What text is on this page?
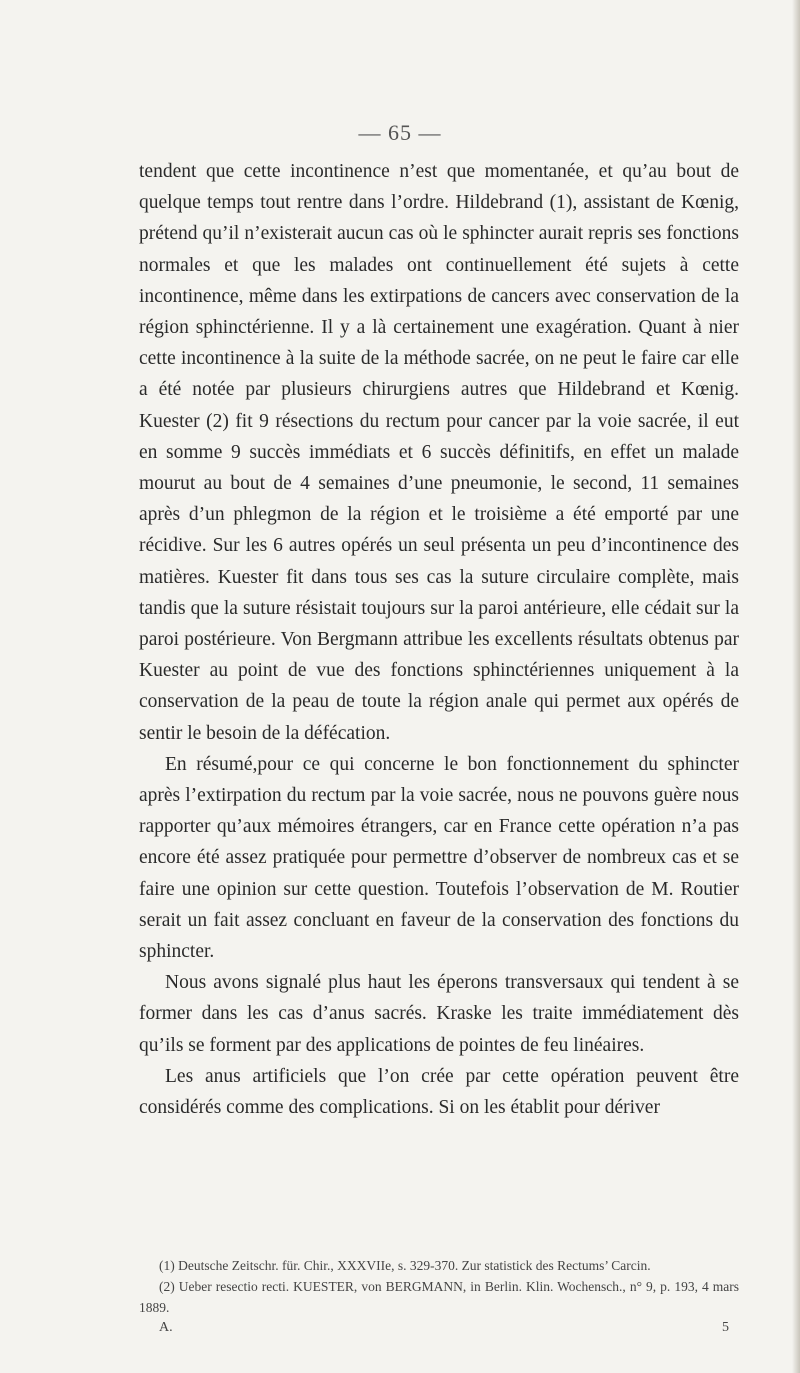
— 65 —

tendent que cette incontinence n’est que momentanée, et qu’au bout de quelque temps tout rentre dans l’ordre. Hildebrand (1), assistant de Kœnig, prétend qu’il n’existerait aucun cas où le sphincter aurait repris ses fonctions normales et que les malades ont continuellement été sujets à cette incontinence, même dans les extirpations de cancers avec conservation de la région sphinctérienne. Il y a là certainement une exagération. Quant à nier cette incontinence à la suite de la méthode sacrée, on ne peut le faire car elle a été notée par plusieurs chirurgiens autres que Hildebrand et Kœnig. Kuester (2) fit 9 résections du rectum pour cancer par la voie sacrée, il eut en somme 9 succès immédiats et 6 succès définitifs, en effet un malade mourut au bout de 4 semaines d’une pneumonie, le second, 11 semaines après d’un phlegmon de la région et le troisième a été emporté par une récidive. Sur les 6 autres opérés un seul présenta un peu d’incontinence des matières. Kuester fit dans tous ses cas la suture circulaire complète, mais tandis que la suture résistait toujours sur la paroi antérieure, elle cédait sur la paroi postérieure. Von Bergmann attribue les excellents résultats obtenus par Kuester au point de vue des fonctions sphinctériennes uniquement à la conservation de la peau de toute la région anale qui permet aux opérés de sentir le besoin de la défécation.

En résumé,pour ce qui concerne le bon fonctionnement du sphincter après l’extirpation du rectum par la voie sacrée, nous ne pouvons guère nous rapporter qu’aux mémoires étrangers, car en France cette opération n’a pas encore été assez pratiquée pour permettre d’observer de nombreux cas et se faire une opinion sur cette question. Toutefois l’observation de M. Routier serait un fait assez concluant en faveur de la conservation des fonctions du sphincter.

Nous avons signalé plus haut les éperons transversaux qui tendent à se former dans les cas d’anus sacrés. Kraske les traite immédiatement dès qu’ils se forment par des applications de pointes de feu linéaires.

Les anus artificiels que l’on crée par cette opération peuvent être considérés comme des complications. Si on les établit pour dériver

(1) Deutsche Zeitschr. für. Chir., XXXVIIe, s. 329-370. Zur statistick des Rectums’ Carcin.

(2) Ueber resectio recti. KUESTER, von BERGMANN, in Berlin. Klin. Wochensch., n° 9, p. 193, 4 mars 1889.

A.	5
